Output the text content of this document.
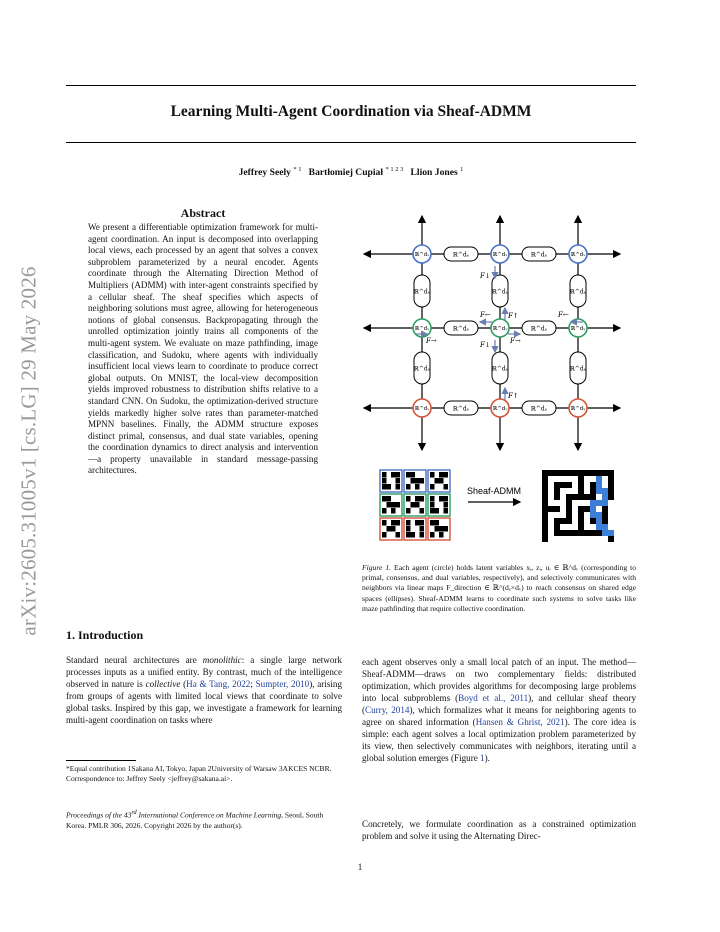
Learning Multi-Agent Coordination via Sheaf-ADMM
Jeffrey Seely $^{* 1}$ Bartłomiej Cupiał $^{* 1 2 3}$ Llion Jones $^1$
arXiv:2605.31005v1 [cs.LG] 29 May 2026
Abstract

We present a differentiable optimization framework for multi-agent coordination. An input is decomposed into overlapping local views, each processed by an agent that solves a convex subproblem parameterized by a neural encoder. Agents coordinate through the Alternating Direction Method of Multipliers (ADMM) with inter-agent constraints specified by a cellular sheaf. The sheaf specifies which aspects of neighboring solutions must agree, allowing for heterogeneous notions of global consensus. Backpropagating through the unrolled optimization jointly trains all components of the multi-agent system. We evaluate on maze pathfinding, image classification, and Sudoku, where agents with individually insufficient local views learn to coordinate to produce correct global outputs. On MNIST, the local-view decomposition yields improved robustness to distribution shifts relative to a standard CNN. On Sudoku, the optimization-derived structure yields markedly higher solve rates than parameter-matched MPNN baselines. Finally, the ADMM structure exposes distinct primal, consensus, and dual state variables, opening the coordination dynamics to direct analysis and intervention—a property unavailable in standard message-passing architectures.

1. Introduction

Standard neural architectures are monolithic: a single large network processes inputs as a unified entity. By contrast, much of the intelligence observed in nature is collective (Ha & Tang, 2022; Sumpter, 2010), arising from groups of agents with limited local views that coordinate to solve global tasks. Inspired by this gap, we investigate a framework for learning multi-agent coordination on tasks where

*Equal contribution 1Sakana AI, Tokyo, Japan 2University of Warsaw 3AKCES NCBR. Correspondence to: Jeffrey Seely <jeffrey@sakana.ai>.

Proceedings of the 43rd International Conference on Machine Learning, Seoul, South Korea. PMLR 306, 2026. Copyright 2026 by the author(s).

ℝ^dₑ	ℝ^dₑ
ℝ^dₑ	ℝ^dₑ
ℝ^dₑ	ℝ^dₑ
ℝ^dₑ
ℝ^dₑ
ℝ^dₑ
ℝ^dₑ
ℝ^dₑ
ℝ^dₑ
ℝ^dᵥ	ℝ^dᵥ	ℝ^dᵥ
ℝ^dᵥ	ℝ^dᵥ	ℝ^dᵥ
ℝ^dᵥ	ℝ^dᵥ	ℝ^dᵥ
F↓
F↑
F←
F→
F↓
F↑
F→
F←
Sheaf-ADMM

Figure 1. Each agent (circle) holds latent variables xᵢ, zᵢ, uᵢ ∈ ℝ^dᵥ (corresponding to primal, consensus, and dual variables, respectively), and selectively communicates with neighbors via linear maps F_direction ∈ ℝ^(dₑ×dᵥ) to reach consensus on shared edge spaces (ellipses). Sheaf-ADMM learns to coordinate such systems to solve tasks like maze pathfinding that require collective coordination.

each agent observes only a small local patch of an input. The method—Sheaf-ADMM—draws on two complementary fields: distributed optimization, which provides algorithms for decomposing large problems into local subproblems (Boyd et al., 2011), and cellular sheaf theory (Curry, 2014), which formalizes what it means for neighboring agents to agree on shared information (Hansen & Ghrist, 2021). The core idea is simple: each agent solves a local optimization problem parameterized by its view, then selectively communicates with neighbors, iterating until a global solution emerges (Figure 1).

Concretely, we formulate coordination as a constrained optimization problem and solve it using the Alternating Direc-

1
